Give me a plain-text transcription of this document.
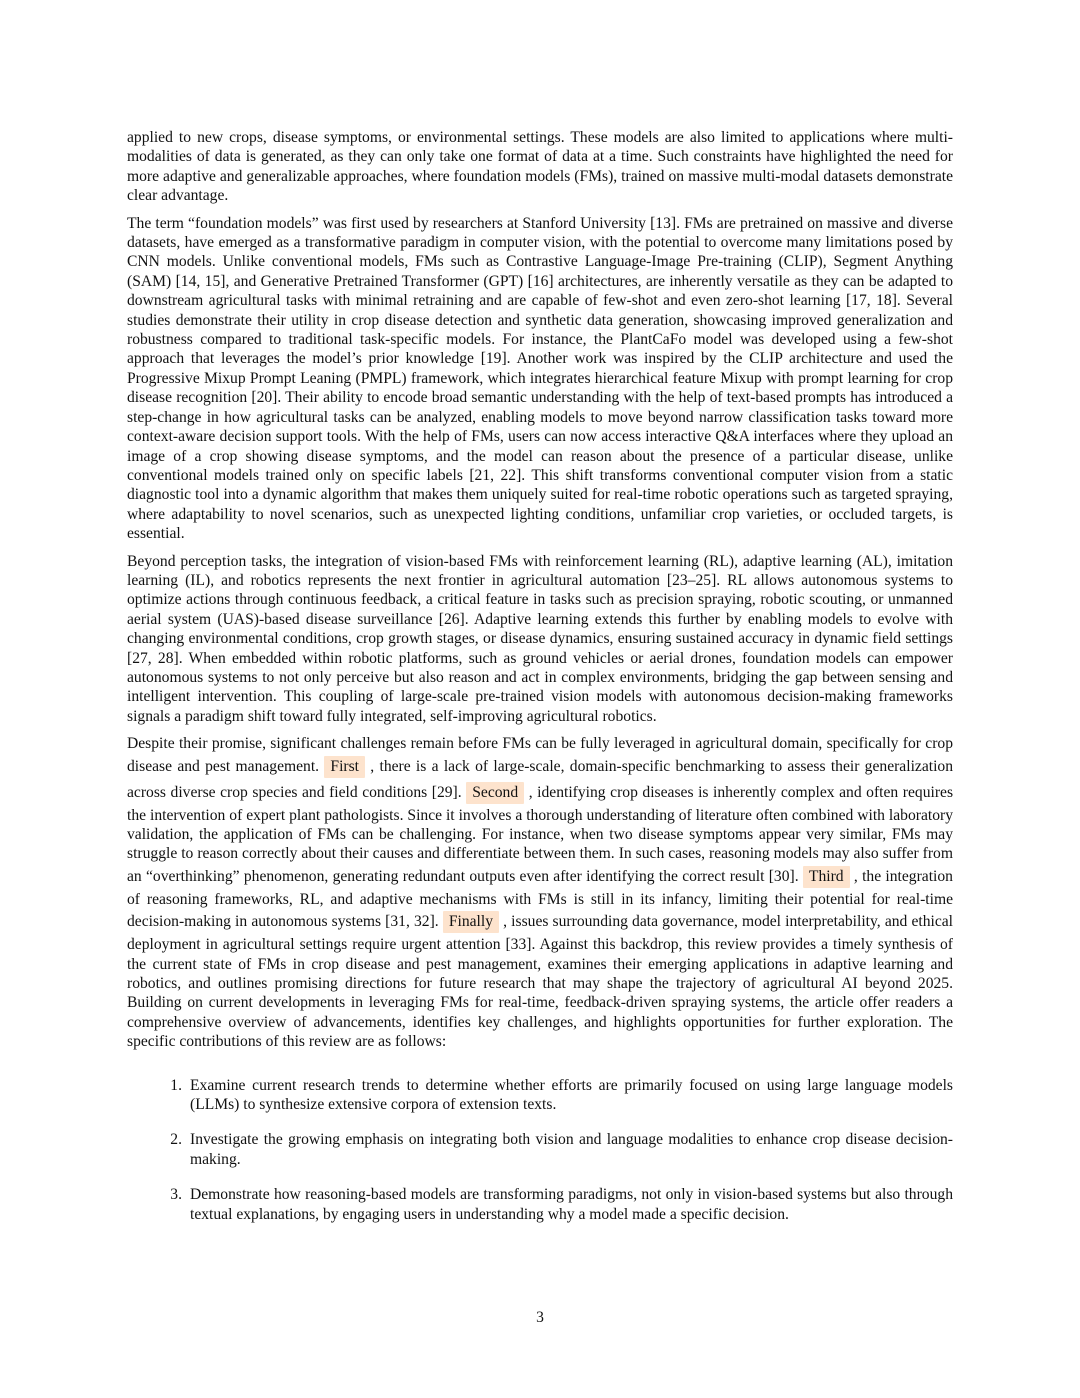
applied to new crops, disease symptoms, or environmental settings. These models are also limited to applications where multi-modalities of data is generated, as they can only take one format of data at a time. Such constraints have highlighted the need for more adaptive and generalizable approaches, where foundation models (FMs), trained on massive multi-modal datasets demonstrate clear advantage.

The term “foundation models” was first used by researchers at Stanford University [13]. FMs are pretrained on massive and diverse datasets, have emerged as a transformative paradigm in computer vision, with the potential to overcome many limitations posed by CNN models. Unlike conventional models, FMs such as Contrastive Language-Image Pre-training (CLIP), Segment Anything (SAM) [14, 15], and Generative Pretrained Transformer (GPT) [16] architectures, are inherently versatile as they can be adapted to downstream agricultural tasks with minimal retraining and are capable of few-shot and even zero-shot learning [17, 18]. Several studies demonstrate their utility in crop disease detection and synthetic data generation, showcasing improved generalization and robustness compared to traditional task-specific models. For instance, the PlantCaFo model was developed using a few-shot approach that leverages the model’s prior knowledge [19]. Another work was inspired by the CLIP architecture and used the Progressive Mixup Prompt Leaning (PMPL) framework, which integrates hierarchical feature Mixup with prompt learning for crop disease recognition [20]. Their ability to encode broad semantic understanding with the help of text-based prompts has introduced a step-change in how agricultural tasks can be analyzed, enabling models to move beyond narrow classification tasks toward more context-aware decision support tools. With the help of FMs, users can now access interactive Q&A interfaces where they upload an image of a crop showing disease symptoms, and the model can reason about the presence of a particular disease, unlike conventional models trained only on specific labels [21, 22]. This shift transforms conventional computer vision from a static diagnostic tool into a dynamic algorithm that makes them uniquely suited for real-time robotic operations such as targeted spraying, where adaptability to novel scenarios, such as unexpected lighting conditions, unfamiliar crop varieties, or occluded targets, is essential.

Beyond perception tasks, the integration of vision-based FMs with reinforcement learning (RL), adaptive learning (AL), imitation learning (IL), and robotics represents the next frontier in agricultural automation [23–25]. RL allows autonomous systems to optimize actions through continuous feedback, a critical feature in tasks such as precision spraying, robotic scouting, or unmanned aerial system (UAS)-based disease surveillance [26]. Adaptive learning extends this further by enabling models to evolve with changing environmental conditions, crop growth stages, or disease dynamics, ensuring sustained accuracy in dynamic field settings [27, 28]. When embedded within robotic platforms, such as ground vehicles or aerial drones, foundation models can empower autonomous systems to not only perceive but also reason and act in complex environments, bridging the gap between sensing and intelligent intervention. This coupling of large-scale pre-trained vision models with autonomous decision-making frameworks signals a paradigm shift toward fully integrated, self-improving agricultural robotics.

Despite their promise, significant challenges remain before FMs can be fully leveraged in agricultural domain, specifically for crop disease and pest management. First , there is a lack of large-scale, domain-specific benchmarking to assess their generalization across diverse crop species and field conditions [29]. Second , identifying crop diseases is inherently complex and often requires the intervention of expert plant pathologists. Since it involves a thorough understanding of literature often combined with laboratory validation, the application of FMs can be challenging. For instance, when two disease symptoms appear very similar, FMs may struggle to reason correctly about their causes and differentiate between them. In such cases, reasoning models may also suffer from an “overthinking” phenomenon, generating redundant outputs even after identifying the correct result [30]. Third , the integration of reasoning frameworks, RL, and adaptive mechanisms with FMs is still in its infancy, limiting their potential for real-time decision-making in autonomous systems [31, 32]. Finally , issues surrounding data governance, model interpretability, and ethical deployment in agricultural settings require urgent attention [33]. Against this backdrop, this review provides a timely synthesis of the current state of FMs in crop disease and pest management, examines their emerging applications in adaptive learning and robotics, and outlines promising directions for future research that may shape the trajectory of agricultural AI beyond 2025. Building on current developments in leveraging FMs for real-time, feedback-driven spraying systems, the article offer readers a comprehensive overview of advancements, identifies key challenges, and highlights opportunities for further exploration. The specific contributions of this review are as follows:

1. Examine current research trends to determine whether efforts are primarily focused on using large language models (LLMs) to synthesize extensive corpora of extension texts.
2. Investigate the growing emphasis on integrating both vision and language modalities to enhance crop disease decision-making.
3. Demonstrate how reasoning-based models are transforming paradigms, not only in vision-based systems but also through textual explanations, by engaging users in understanding why a model made a specific decision.
3
